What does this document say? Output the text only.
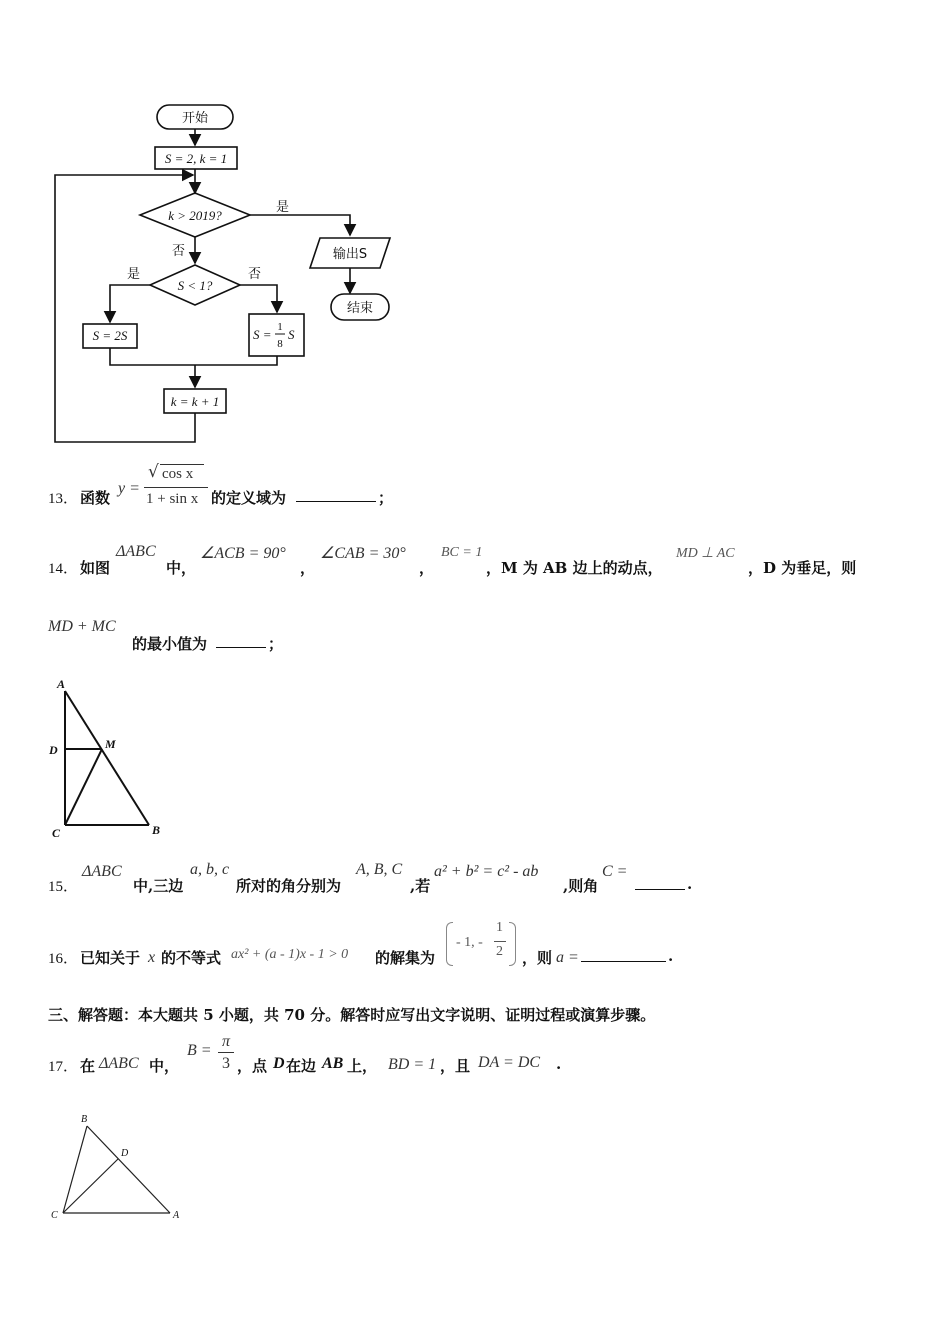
开始
S = 2, k = 1
k > 2019?
是
否	输出S
结束
S < 1?
是	否
S = 2S	S = 1
8
S
k = k + 1
13． 函数
y =
√ cos x
1 + sin x 的定义域为	；
14． 如图
ΔABC
中，
∠ACB = 90°
，
∠CAB = 30°
，
BC = 1
，M 为 AB 边上的动点，
MD ⊥ AC
，D 为垂足，则
MD + MC
的最小值为	；
A
D	M
C	B
15．
ΔABC
中,三边
a, b, c
所对的角分别为
A, B, C
,若
a² + b² = c² - ab
,则角
C =
.
16． 已知关于 x 的不等式 ax² + (a - 1)x - 1 > 0 的解集为
- 1, -
1
2 ，则 a =	.
三、解答题：本大题共 5 小题，共 70 分。解答时应写出文字说明、证明过程或演算步骤。
17． 在 ΔABC 中，
B =
π
3 ，点 D 在边 AB 上， BD = 1 ，且 DA = DC .
B
D
C	A
